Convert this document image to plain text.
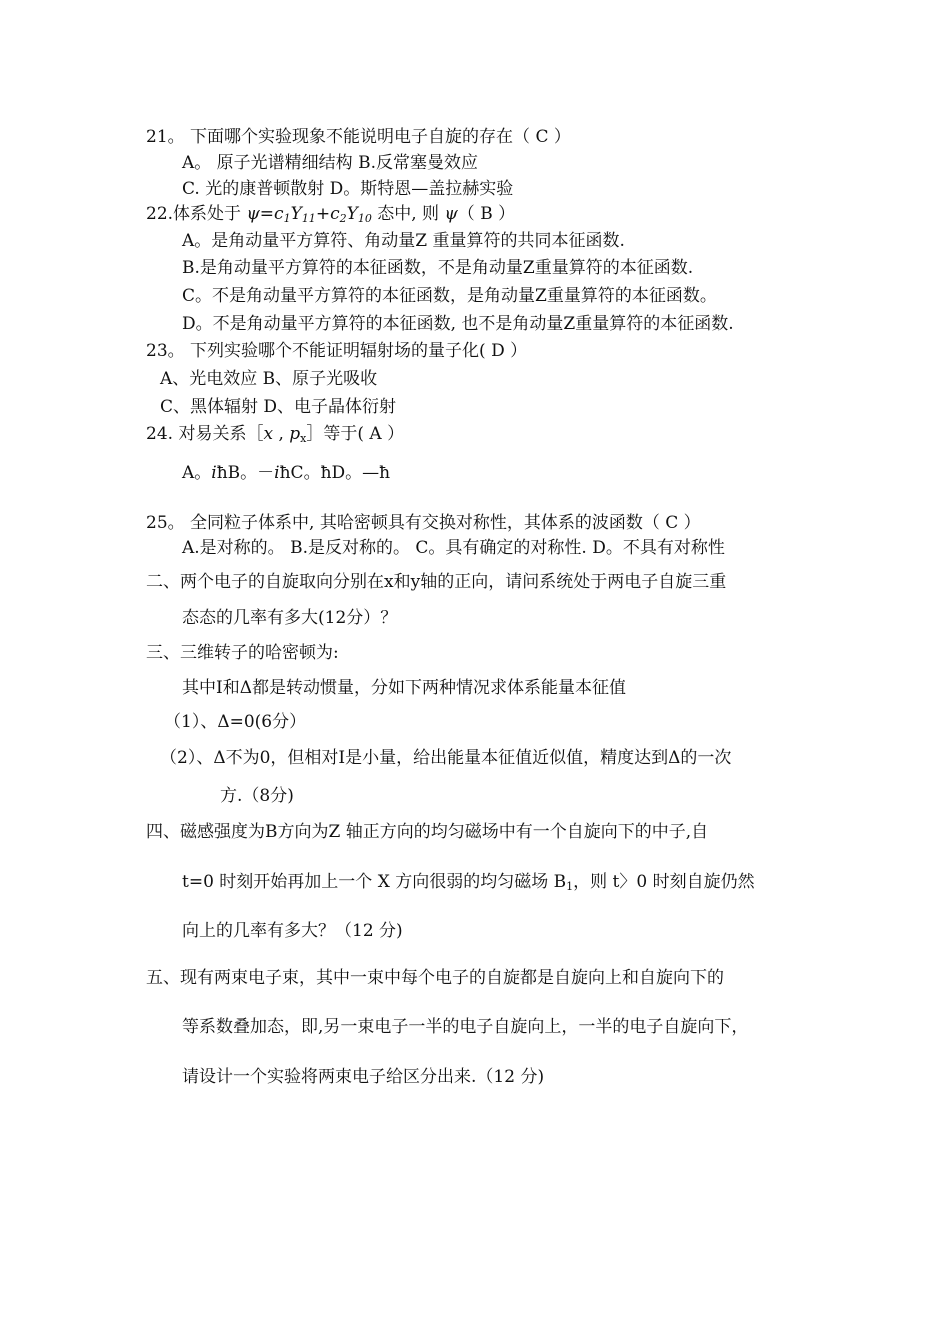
21。 下面哪个实验现象不能说明电子自旋的存在（ C ）
A。 原子光谱精细结构 B.反常塞曼效应
C. 光的康普顿散射 D。斯特恩—盖拉赫实验
22.体系处于 $\psi=c_1Y_{11}+c_2Y_{10}$ 态中, 则 ψ（ B ）
A。是角动量平方算符、角动量Z 重量算符的共同本征函数.
B.是角动量平方算符的本征函数，不是角动量Z重量算符的本征函数.
C。不是角动量平方算符的本征函数，是角动量Z重量算符的本征函数。
D。不是角动量平方算符的本征函数, 也不是角动量Z重量算符的本征函数.
23。 下列实验哪个不能证明辐射场的量子化( D ）
A、光电效应 B、原子光吸收
C、黑体辐射 D、电子晶体衍射
24. 对易关系［x , $p_x]$等于( A ）
A。iħB。－iħC。ħD。—ħ
25。 全同粒子体系中, 其哈密顿具有交换对称性，其体系的波函数（ C ）
A.是对称的。 B.是反对称的。 C。具有确定的对称性. D。不具有对称性
二、两个电子的自旋取向分别在x和y轴的正向，请问系统处于两电子自旋三重
态态的几率有多大(12分）？
三、三维转子的哈密顿为:
其中I和Δ都是转动惯量，分如下两种情况求体系能量本征值
（1）、Δ=0(6分）
（2）、Δ不为0，但相对I是小量，给出能量本征值近似值，精度达到Δ的一次
方.（8分)
四、磁感强度为B方向为Z 轴正方向的均匀磁场中有一个自旋向下的中子,自
t=0 时刻开始再加上一个 X 方向很弱的均匀磁场 $B_1$，则 t〉0 时刻自旋仍然
向上的几率有多大？（12 分)
五、现有两束电子束，其中一束中每个电子的自旋都是自旋向上和自旋向下的
等系数叠加态，即,另一束电子一半的电子自旋向上，一半的电子自旋向下，
请设计一个实验将两束电子给区分出来.（12 分)
